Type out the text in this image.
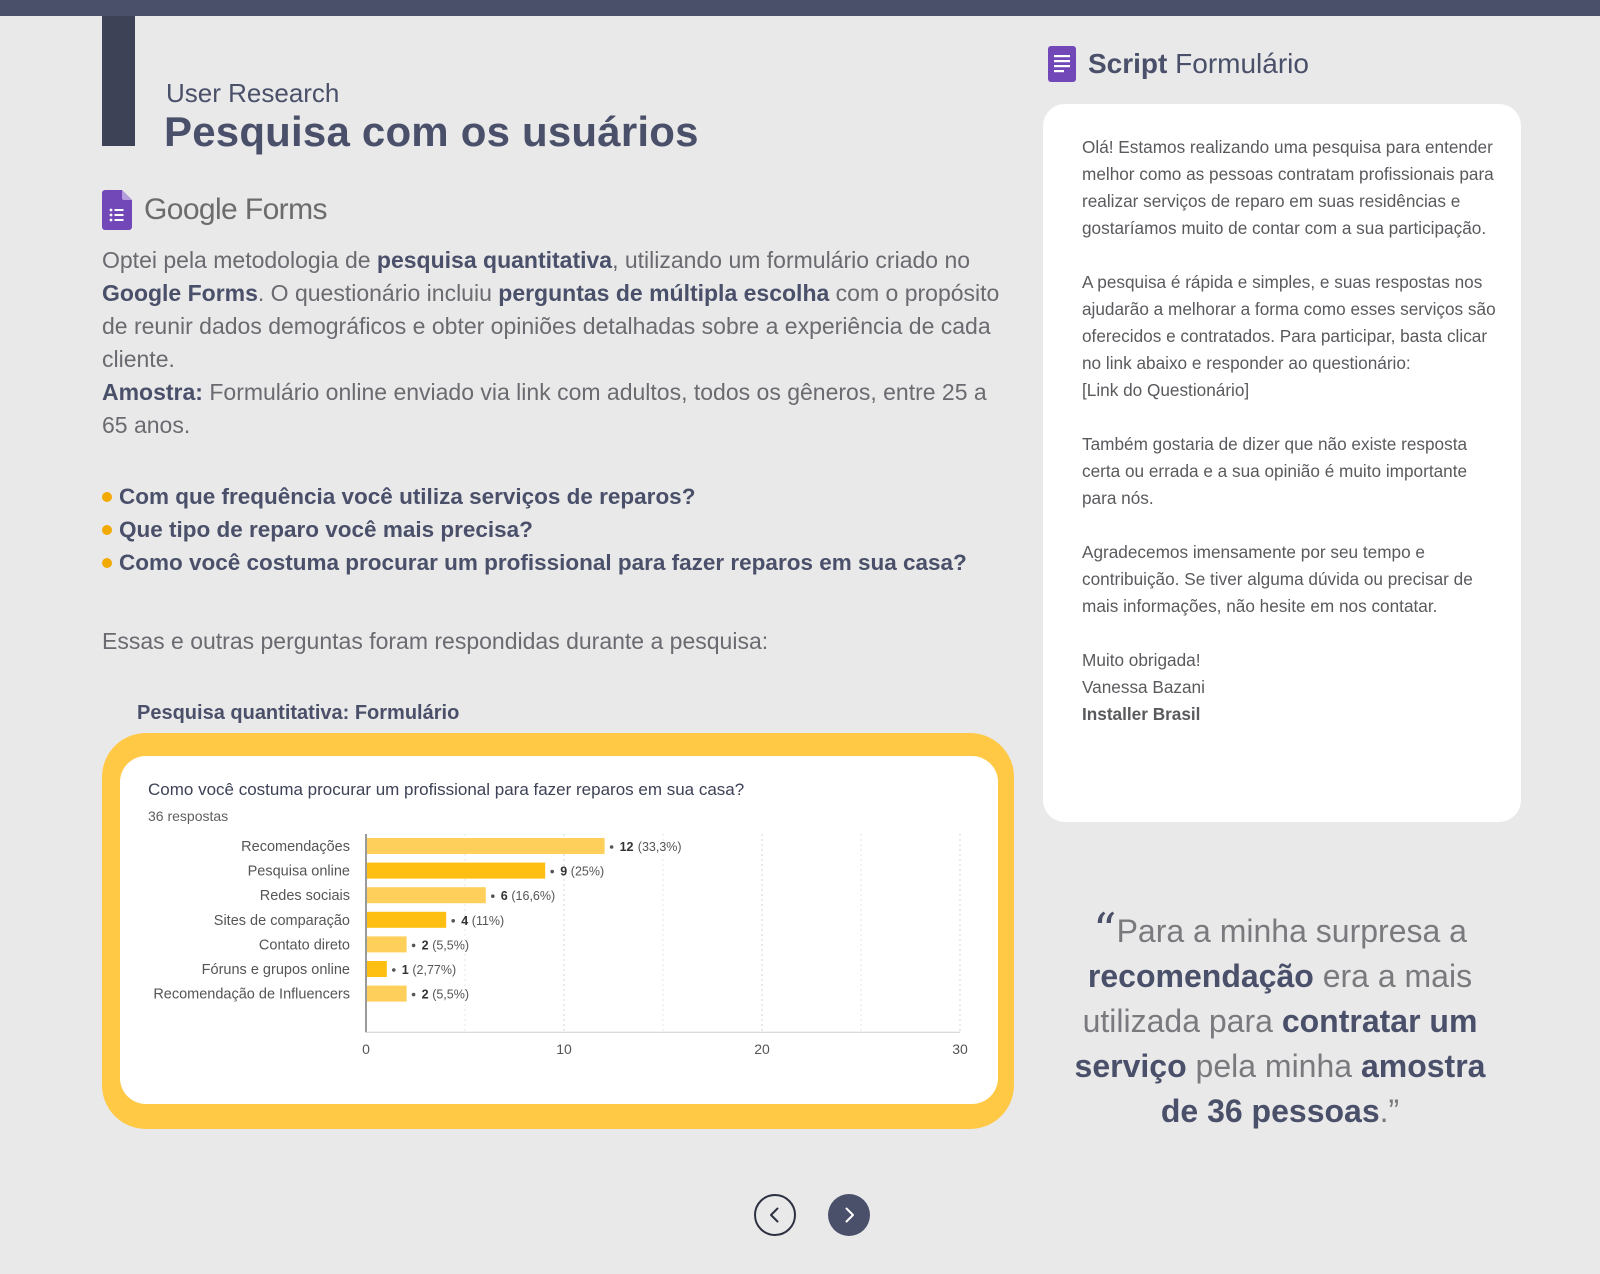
User Research
Pesquisa com os usuários
Google Forms
Optei pela metodologia de pesquisa quantitativa, utilizando um formulário criado no Google Forms. O questionário incluiu perguntas de múltipla escolha com o propósito de reunir dados demográficos e obter opiniões detalhadas sobre a experiência de cada cliente.
Amostra: Formulário online enviado via link com adultos, todos os gêneros, entre 25 a 65 anos.
Com que frequência você utiliza serviços de reparos?
Que tipo de reparo você mais precisa?
Como você costuma procurar um profissional para fazer reparos em sua casa?
Essas e outras perguntas foram respondidas durante a pesquisa:
Pesquisa quantitativa: Formulário
Como você costuma procurar um profissional para fazer reparos em sua casa?
36 respostas
0	10	20	30
Recomendações	12 (33,3%)
Pesquisa online	9 (25%)
Redes sociais	6 (16,6%)
Sites de comparação	4 (11%)
Contato direto	2 (5,5%)
Fóruns e grupos online	1 (2,77%)
Recomendação de Influencers	2 (5,5%)
Script Formulário

Olá! Estamos realizando uma pesquisa para entender melhor como as pessoas contratam profissionais para realizar serviços de reparo em suas residências e gostaríamos muito de contar com a sua participação.

A pesquisa é rápida e simples, e suas respostas nos ajudarão a melhorar a forma como esses serviços são oferecidos e contratados. Para participar, basta clicar no link abaixo e responder ao questionário:
[Link do Questionário]

Também gostaria de dizer que não existe resposta certa ou errada e a sua opinião é muito importante para nós.

Agradecemos imensamente por seu tempo e contribuição. Se tiver alguma dúvida ou precisar de mais informações, não hesite em nos contatar.

Muito obrigada!
Vanessa Bazani
Installer Brasil

“Para a minha surpresa a recomendação era a mais utilizada para contratar um serviço pela minha amostra de 36 pessoas.”
